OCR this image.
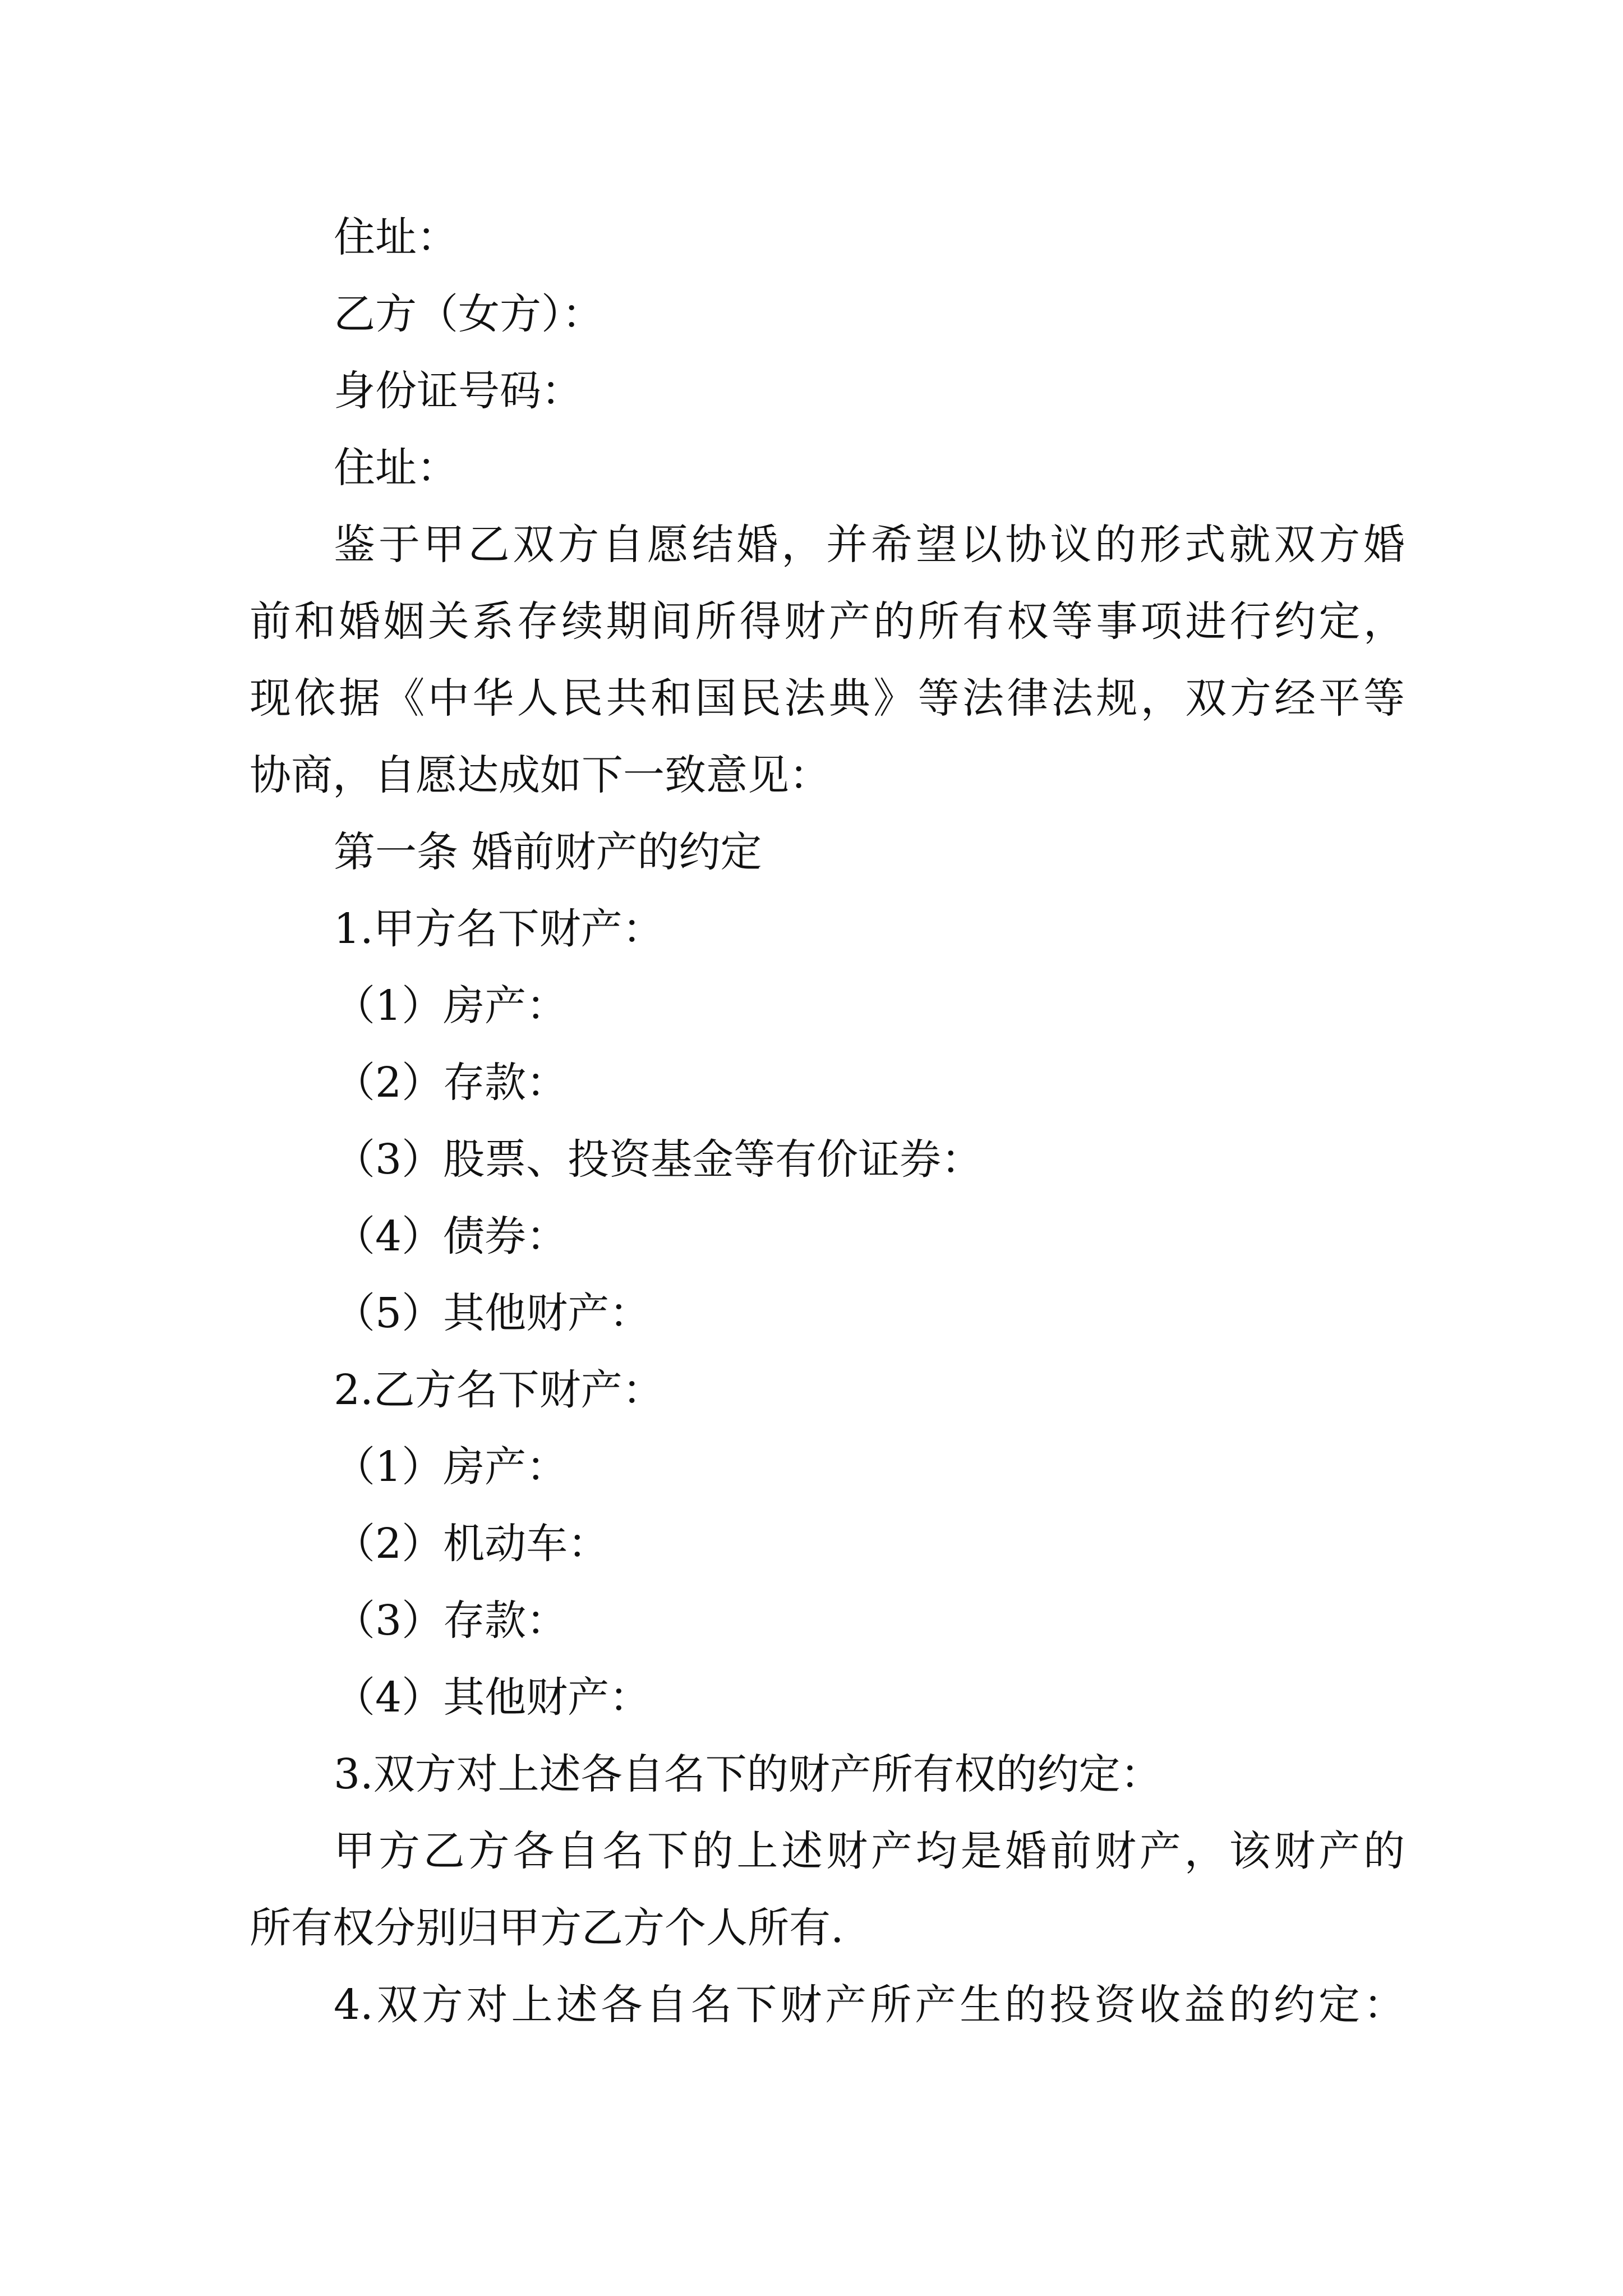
住址：
乙方（女方）：
身份证号码：
住址：
鉴于甲乙双方自愿结婚，并希望以协议的形式就双方婚
前和婚姻关系存续期间所得财产的所有权等事项进行约定，
现依据《中华人民共和国民法典》等法律法规，双方经平等
协商，自愿达成如下一致意见：
第一条 婚前财产的约定
1.甲方名下财产：
（1）房产：
（2）存款：
（3）股票、投资基金等有价证券：
（4）债券：
（5）其他财产：
2.乙方名下财产：
（1）房产：
（2）机动车：
（3）存款：
（4）其他财产：
3.双方对上述各自名下的财产所有权的约定：
甲方乙方各自名下的上述财产均是婚前财产，该财产的
所有权分别归甲方乙方个人所有.
4.双方对上述各自名下财产所产生的投资收益的约定：
